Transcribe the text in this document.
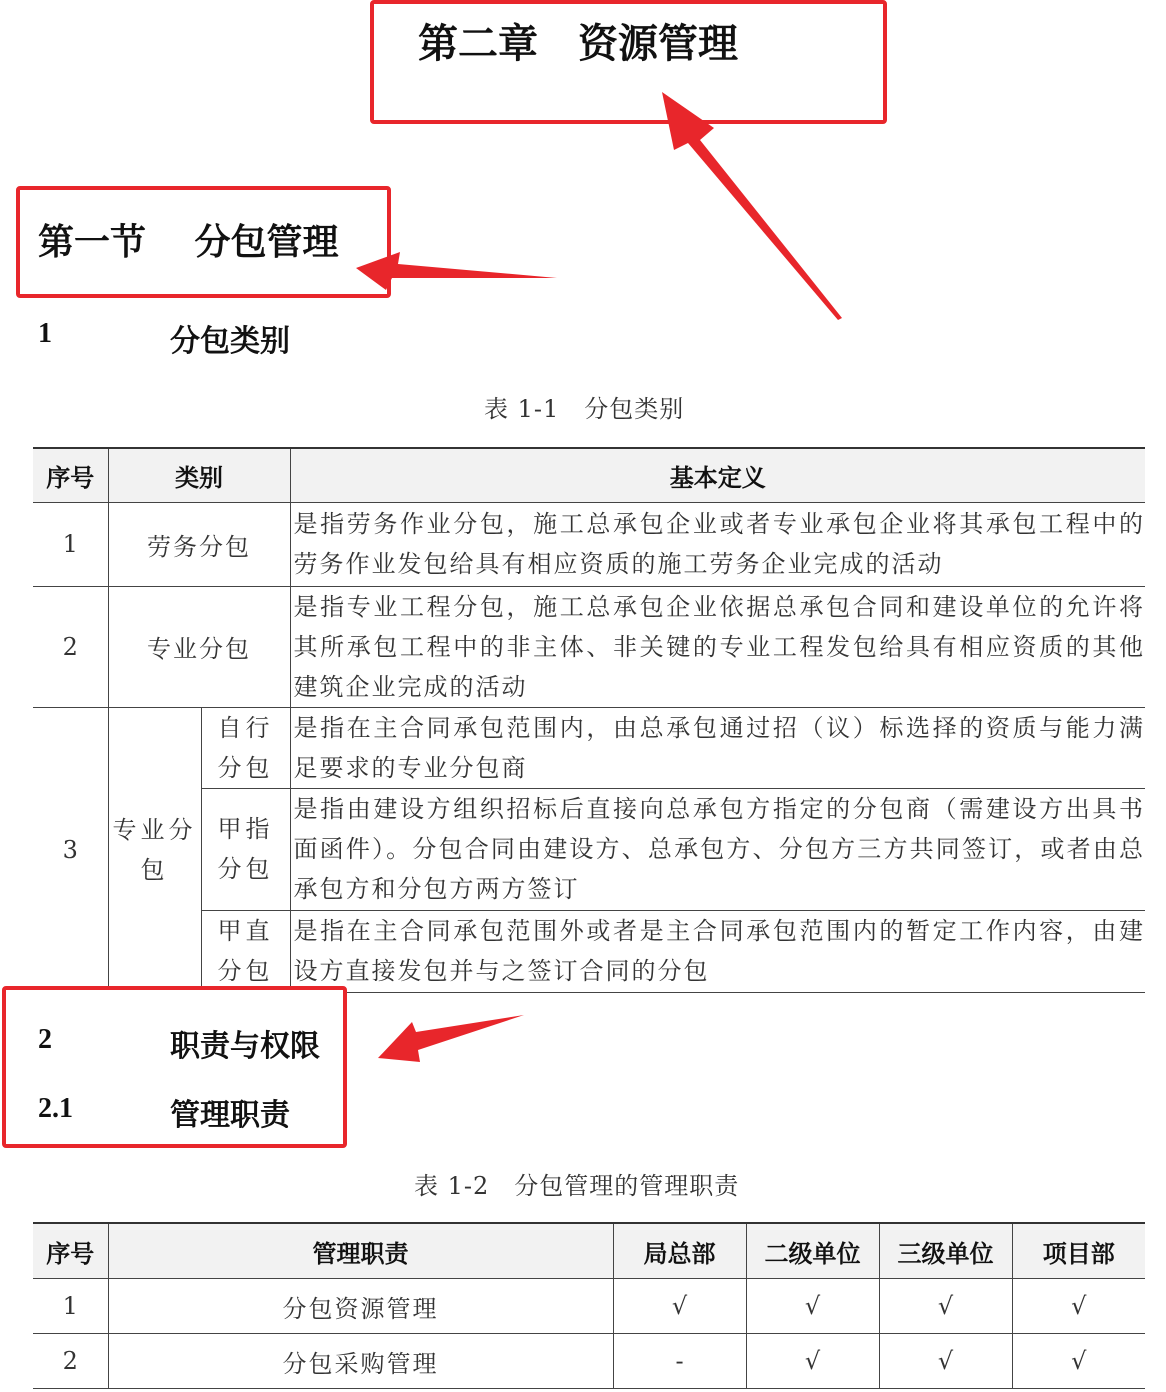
第二章　资源管理
第一节　 分包管理
1	分包类别
表 1-1　分包类别
序号	类别		基本定义
1	劳务分包		是指劳务作业分包，施工总承包企业或者专业承包企业将其承包工程中的劳务作业发包给具有相应资质的施工劳务企业完成的活动
2	专业分包		是指专业工程分包，施工总承包企业依据总承包合同和建设单位的允许将其所承包工程中的非主体、非关键的专业工程发包给具有相应资质的其他建筑企业完成的活动
3	专业分包	自行分包	是指在主合同承包范围内，由总承包通过招（议）标选择的资质与能力满足要求的专业分包商
		甲指分包	是指由建设方组织招标后直接向总承包方指定的分包商（需建设方出具书面函件）。分包合同由建设方、总承包方、分包方三方共同签订，或者由总承包方和分包方两方签订
		甲直分包	是指在主合同承包范围外或者是主合同承包范围内的暂定工作内容，由建设方直接发包并与之签订合同的分包
2	职责与权限
2.1	管理职责
表 1-2　分包管理的管理职责
序号	管理职责	局总部	二级单位	三级单位	项目部
1	分包资源管理	√	√	√	√
2	分包采购管理	-	√	√	√
